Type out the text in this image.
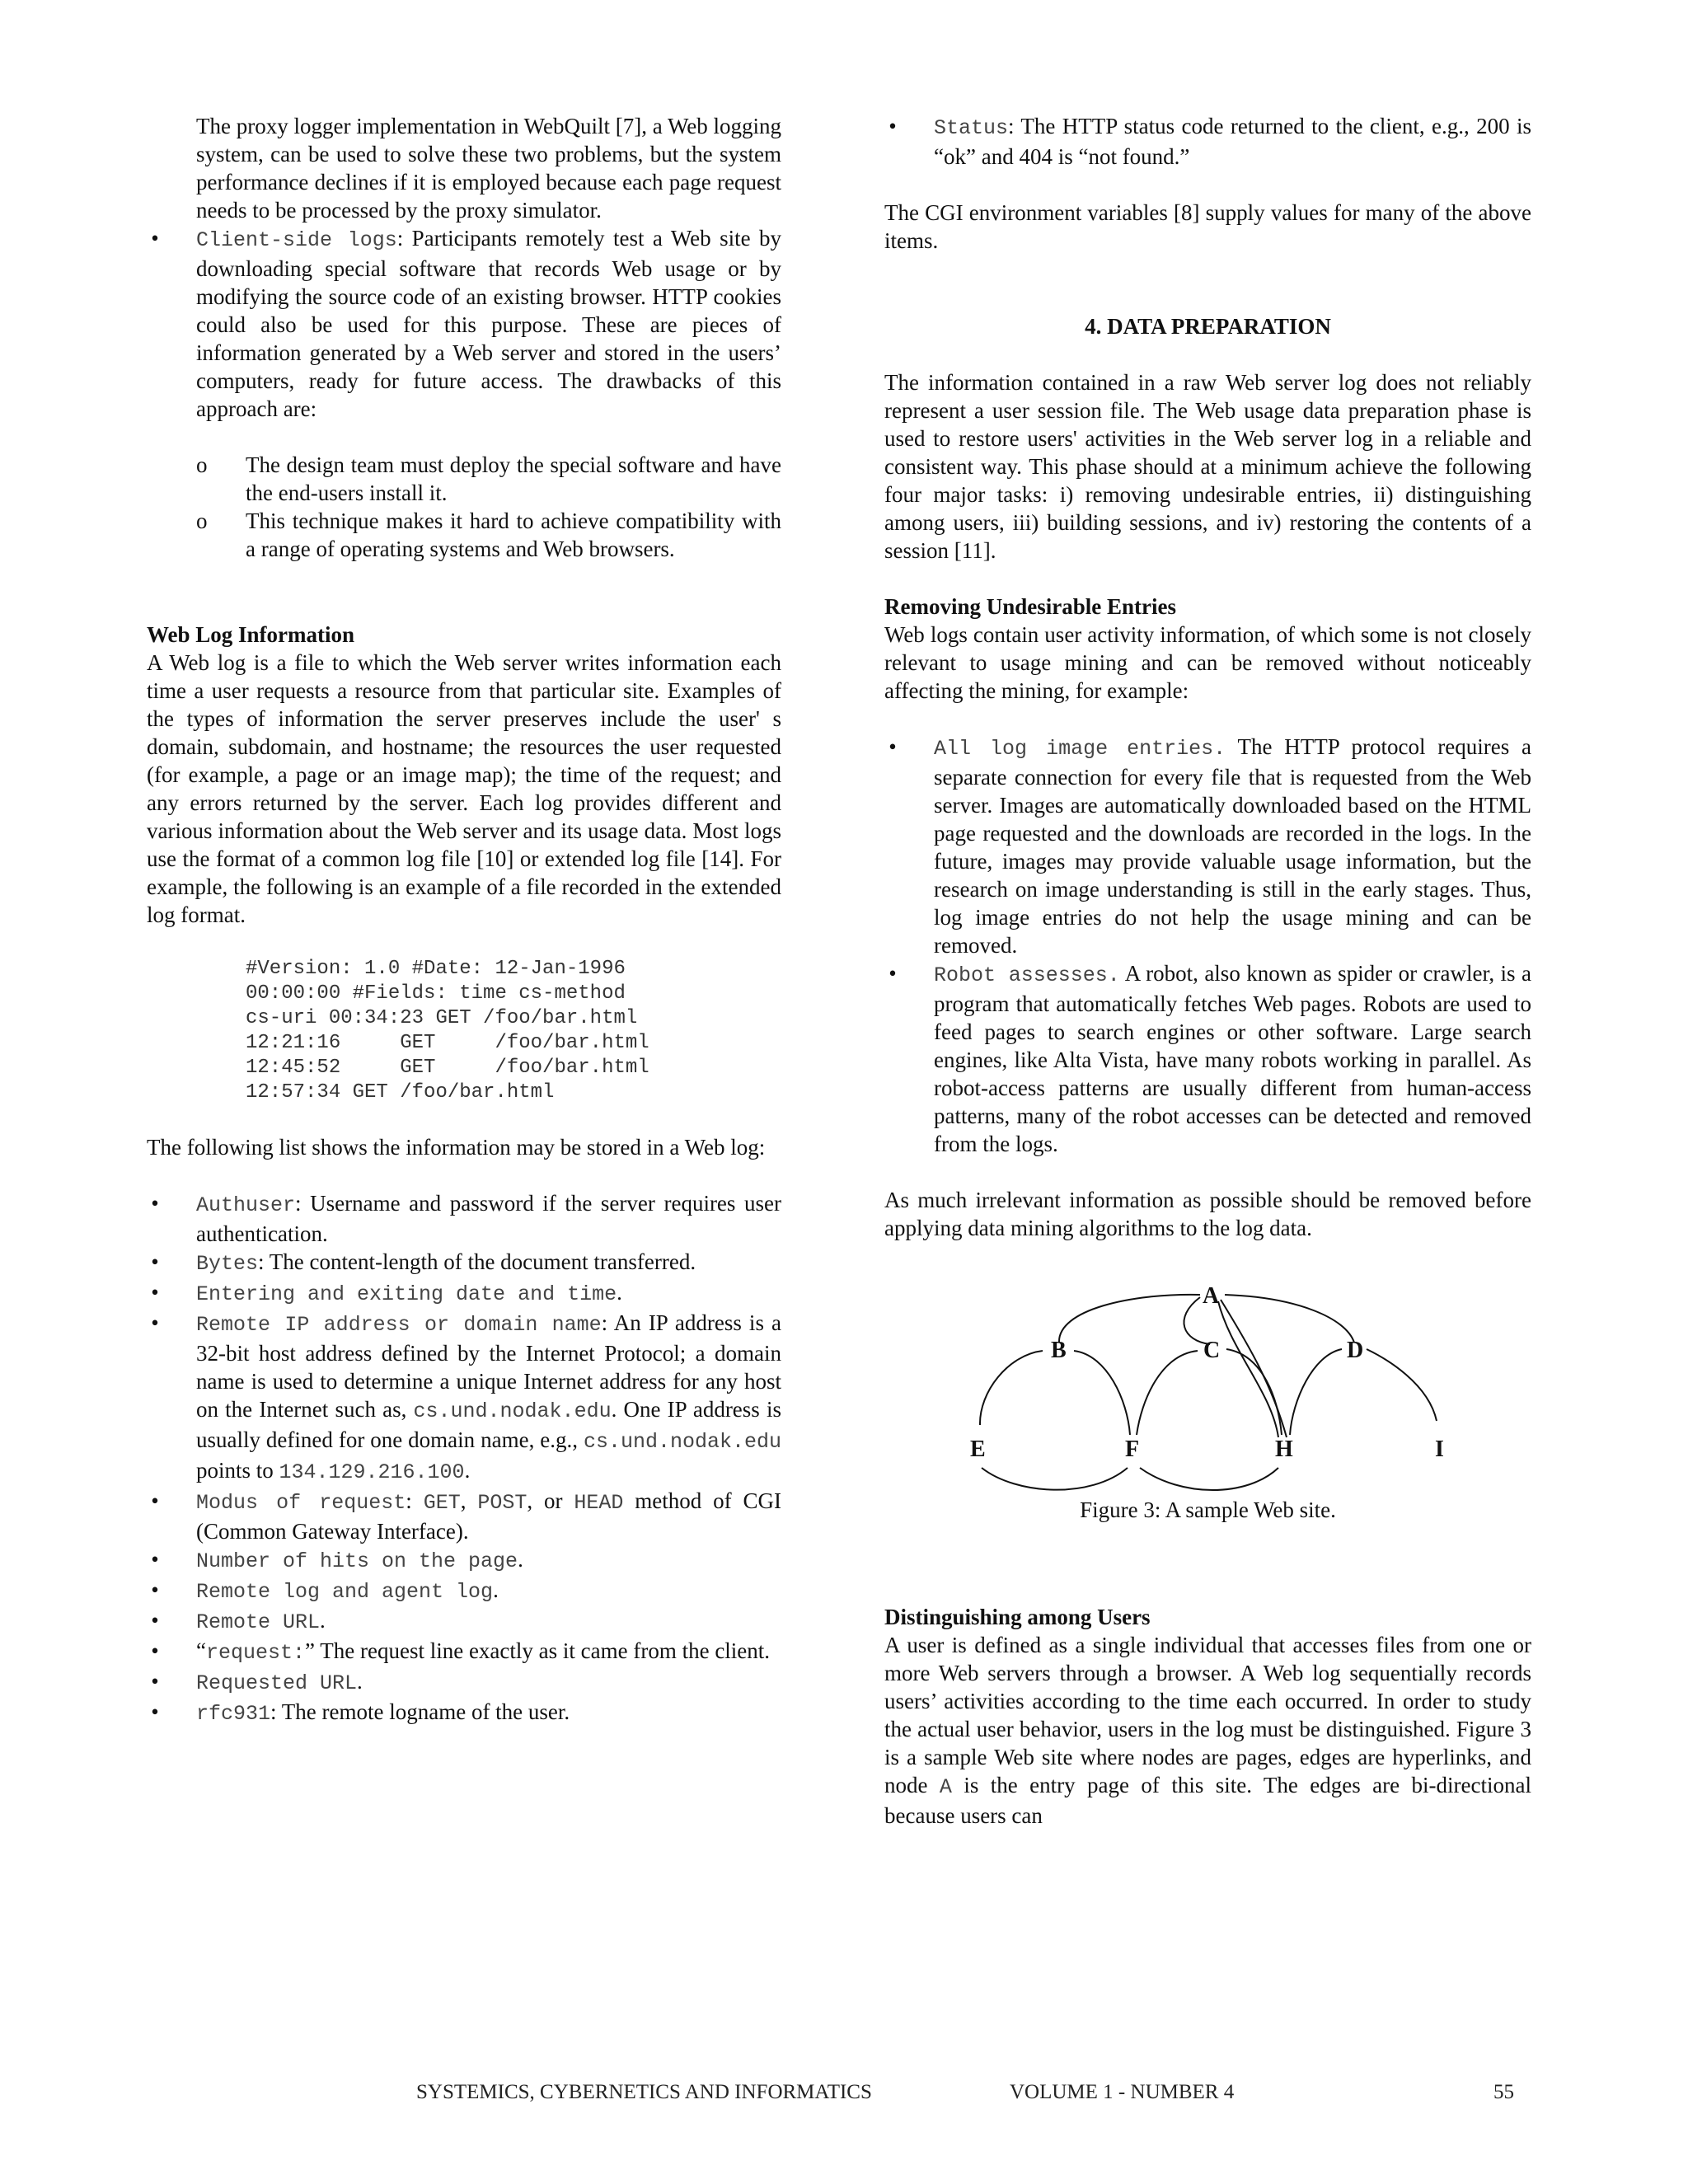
The proxy logger implementation in WebQuilt [7], a Web logging system, can be used to solve these two problems, but the system performance declines if it is employed because each page request needs to be processed by the proxy simulator.

• Client-side logs: Participants remotely test a Web site by downloading special software that records Web usage or by modifying the source code of an existing browser. HTTP cookies could also be used for this purpose. These are pieces of information generated by a Web server and stored in the users’ computers, ready for future access. The drawbacks of this approach are:
o The design team must deploy the special software and have the end-users install it.
o This technique makes it hard to achieve compatibility with a range of operating systems and Web browsers.
Web Log Information

A Web log is a file to which the Web server writes information each time a user requests a resource from that particular site. Examples of the types of information the server preserves include the user' s domain, subdomain, and hostname; the resources the user requested (for example, a page or an image map); the time of the request; and any errors returned by the server. Each log provides different and various information about the Web server and its usage data. Most logs use the format of a common log file [10] or extended log file [14]. For example, the following is an example of a file recorded in the extended log format.

#Version: 1.0 #Date: 12-Jan-1996
00:00:00 #Fields: time cs-method
cs-uri 00:34:23 GET /foo/bar.html
12:21:16     GET     /foo/bar.html
12:45:52     GET     /foo/bar.html
12:57:34 GET /foo/bar.html

The following list shows the information may be stored in a Web log:

• Authuser: Username and password if the server requires user authentication.
• Bytes: The content-length of the document transferred.
• Entering and exiting date and time.
• Remote IP address or domain name: An IP address is a 32-bit host address defined by the Internet Protocol; a domain name is used to determine a unique Internet address for any host on the Internet such as, cs.und.nodak.edu. One IP address is usually defined for one domain name, e.g., cs.und.nodak.edu points to 134.129.216.100.
• Modus of request: GET, POST, or HEAD method of CGI (Common Gateway Interface).
• Number of hits on the page.
• Remote log and agent log.
• Remote URL.
• “request:” The request line exactly as it came from the client.
• Requested URL.
• rfc931: The remote logname of the user.
• Status: The HTTP status code returned to the client, e.g., 200 is “ok” and 404 is “not found.”

The CGI environment variables [8] supply values for many of the above items.

4. DATA PREPARATION

The information contained in a raw Web server log does not reliably represent a user session file. The Web usage data preparation phase is used to restore users' activities in the Web server log in a reliable and consistent way. This phase should at a minimum achieve the following four major tasks: i) removing undesirable entries, ii) distinguishing among users, iii) building sessions, and iv) restoring the contents of a session [11].

Removing Undesirable Entries

Web logs contain user activity information, of which some is not closely relevant to usage mining and can be removed without noticeably affecting the mining, for example:

• All log image entries. The HTTP protocol requires a separate connection for every file that is requested from the Web server. Images are automatically downloaded based on the HTML page requested and the downloads are recorded in the logs. In the future, images may provide valuable usage information, but the research on image understanding is still in the early stages. Thus, log image entries do not help the usage mining and can be removed.
• Robot assesses. A robot, also known as spider or crawler, is a program that automatically fetches Web pages. Robots are used to feed pages to search engines or other software. Large search engines, like Alta Vista, have many robots working in parallel. As robot-access patterns are usually different from human-access patterns, many of the robot accesses can be detected and removed from the logs.

As much irrelevant information as possible should be removed before applying data mining algorithms to the log data.

A
B	C	D
E	F	H	I
Figure 3: A sample Web site.
Distinguishing among Users

A user is defined as a single individual that accesses files from one or more Web servers through a browser. A Web log sequentially records users’ activities according to the time each occurred. In order to study the actual user behavior, users in the log must be distinguished. Figure 3 is a sample Web site where nodes are pages, edges are hyperlinks, and node A is the entry page of this site. The edges are bi-directional because users can

SYSTEMICS, CYBERNETICS AND INFORMATICS	VOLUME 1 - NUMBER 4	55
